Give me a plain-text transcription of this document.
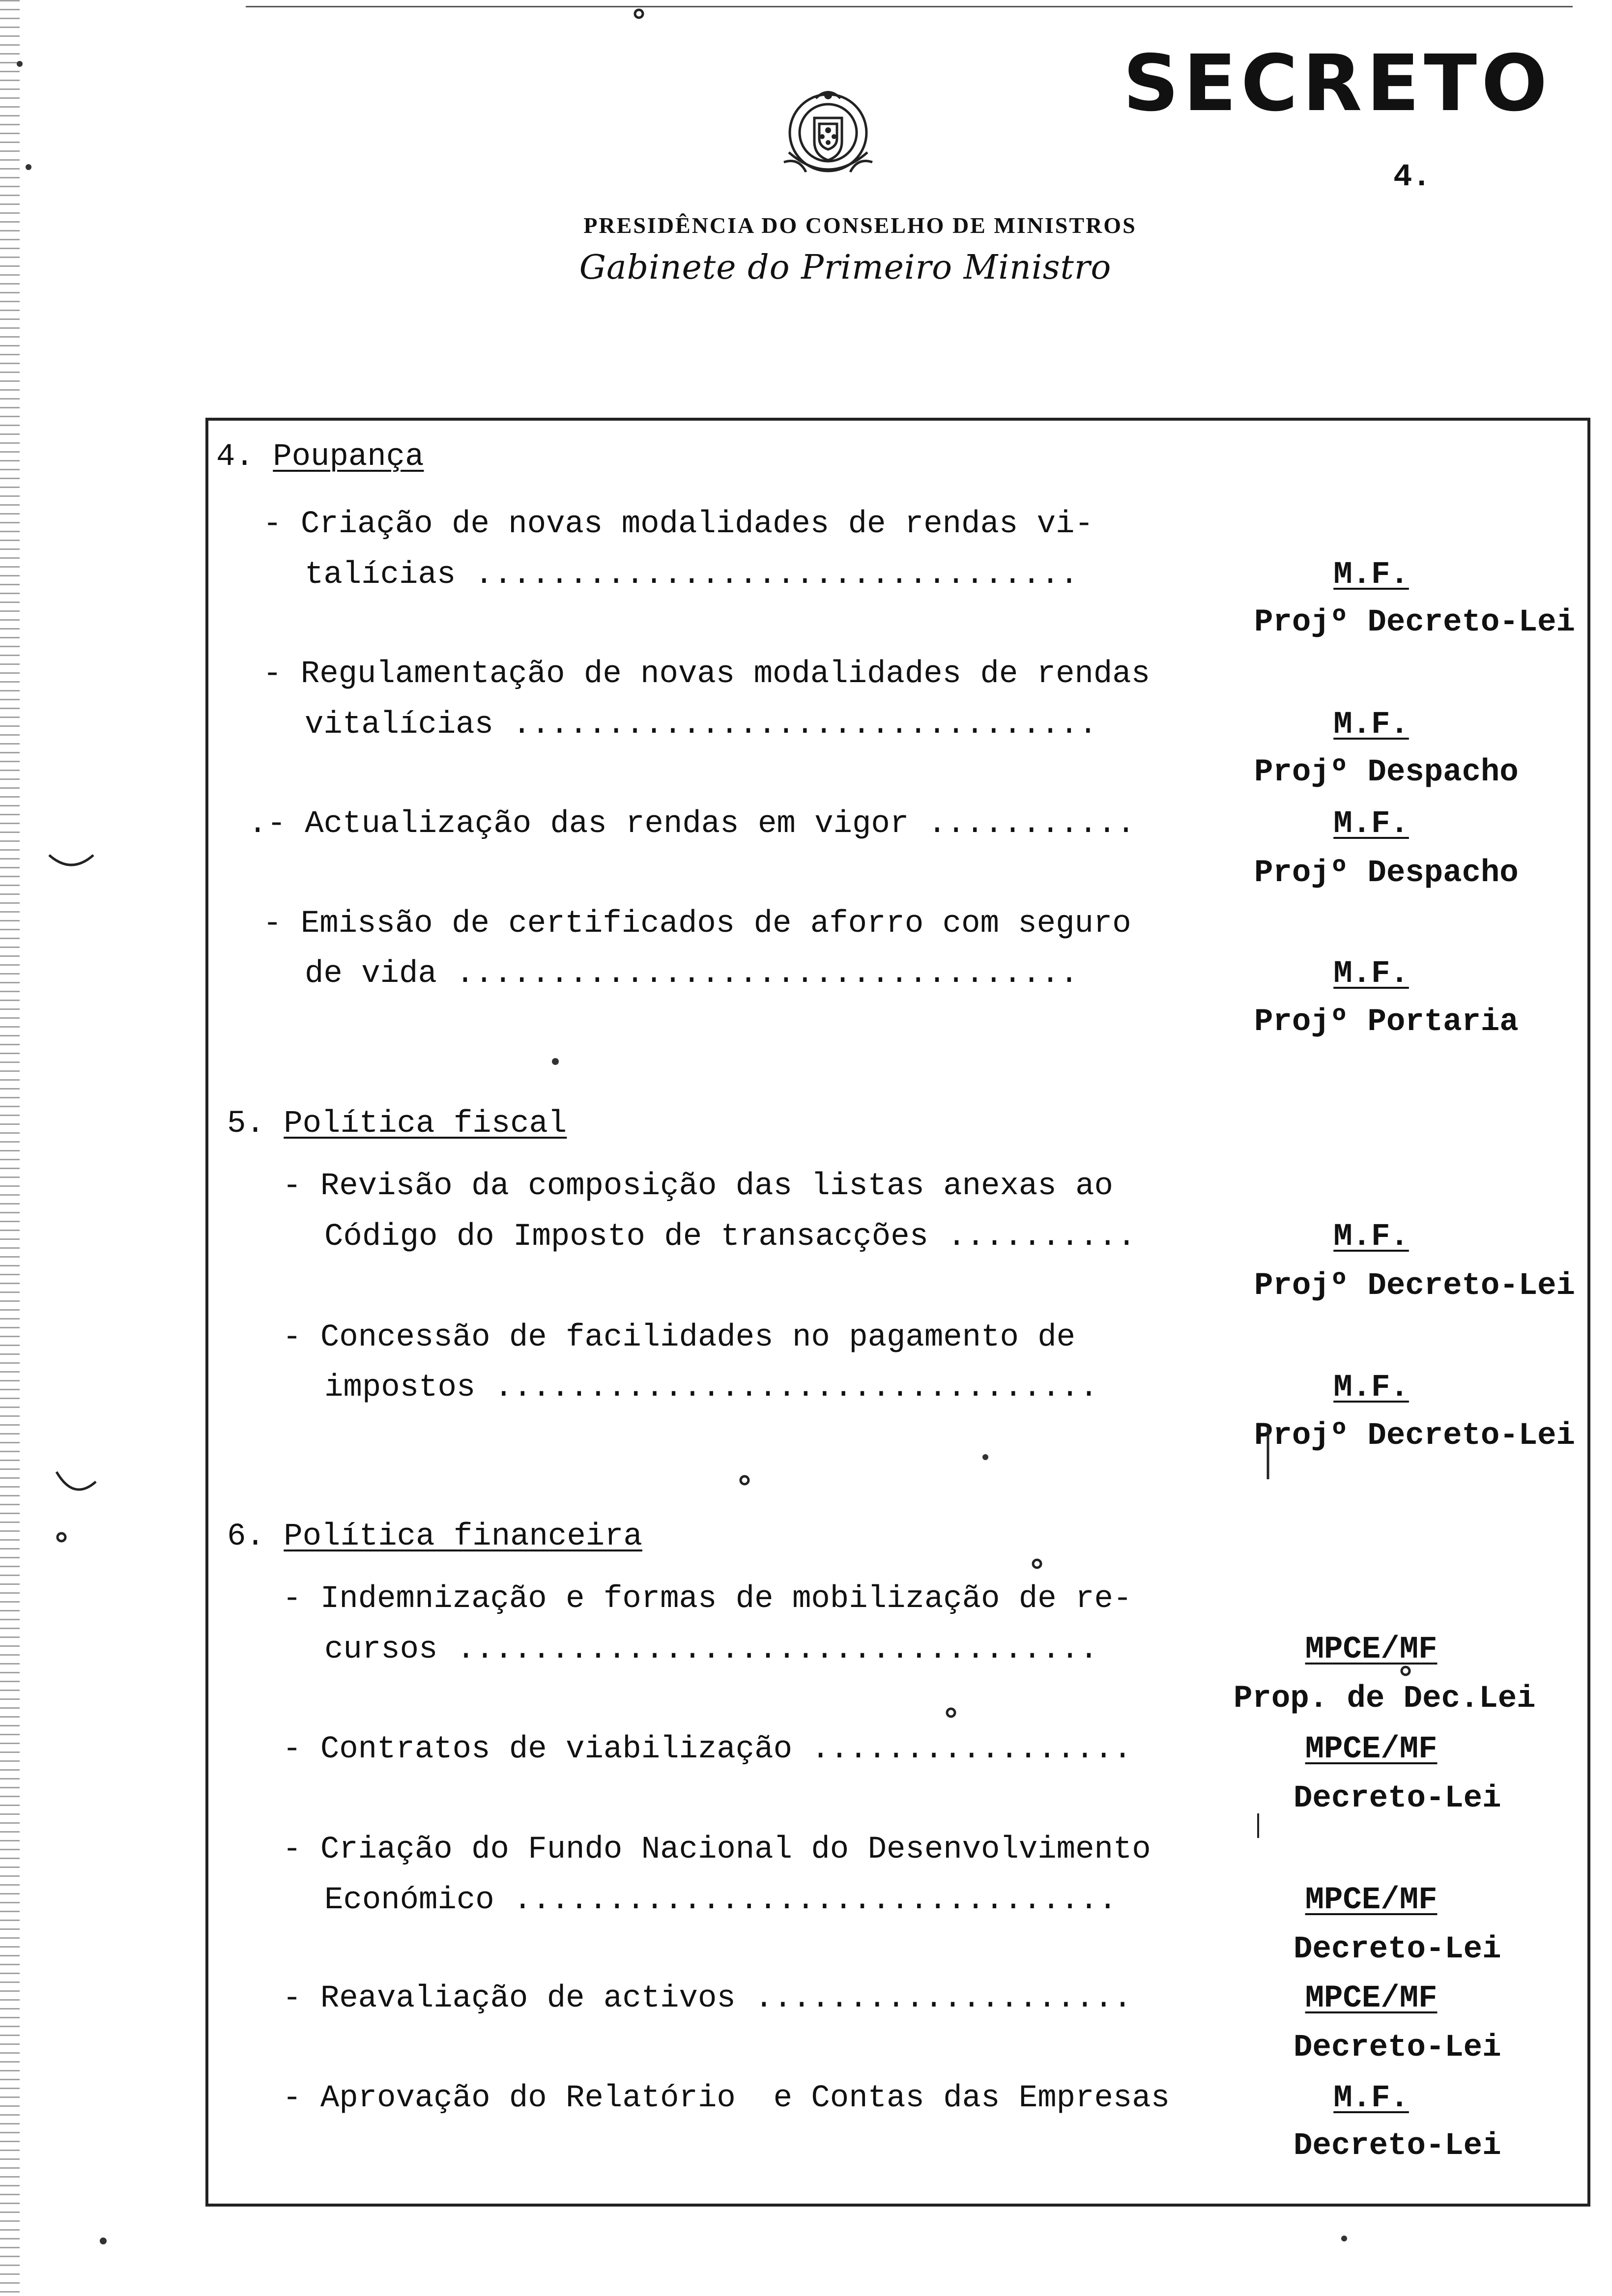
SECRETO
4.
PRESIDÊNCIA DO CONSELHO DE MINISTROS
Gabinete do Primeiro Ministro
4. Poupança
- Criação de novas modalidades de rendas vi-
talícias ................................	M.F.
Projº Decreto-Lei
- Regulamentação de novas modalidades de rendas
vitalícias ...............................	M.F.
Projº Despacho
.- Actualização das rendas em vigor ...........	M.F.
Projº Despacho
- Emissão de certificados de aforro com seguro
de vida .................................	M.F.
Projº Portaria
5. Política fiscal
- Revisão da composição das listas anexas ao
Código do Imposto de transacções ..........	M.F.
Projº Decreto-Lei
- Concessão de facilidades no pagamento de
impostos ................................	M.F.
Projº Decreto-Lei
6. Política financeira
- Indemnização e formas de mobilização de re-
cursos ..................................	MPCE/MF
Prop. de Dec.Lei
- Contratos de viabilização .................	MPCE/MF
Decreto-Lei
- Criação do Fundo Nacional do Desenvolvimento
Económico ................................	MPCE/MF
Decreto-Lei
- Reavaliação de activos ....................	MPCE/MF
Decreto-Lei
- Aprovação do Relatório  e Contas das Empresas	M.F.
Decreto-Lei
